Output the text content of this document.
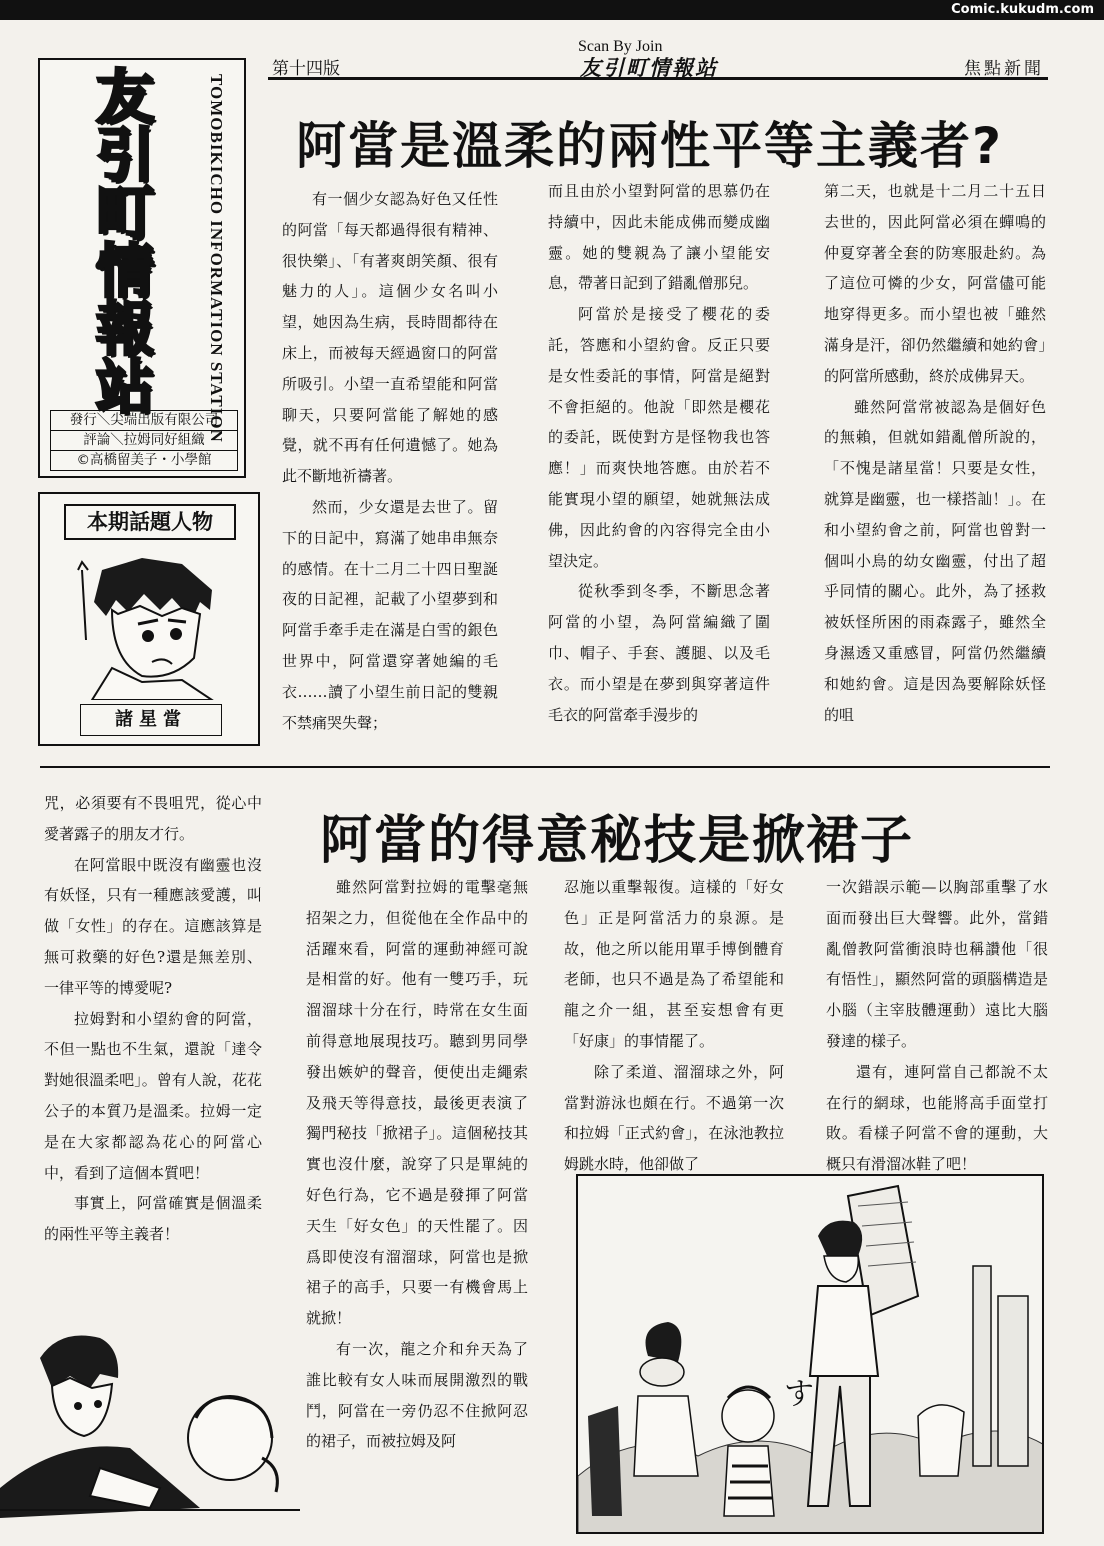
Comic.kukudm.com
Scan By Join
第十四版	友引町情報站	焦點新聞
友
引
町
情
報
站	TOMOBIKICHO INFORMATION STATION
發行＼尖端出版有限公司
評論＼拉姆同好組織
©高橋留美子・小學館
本期話題人物
諸星當
阿當是溫柔的兩性平等主義者?

有一個少女認為好色又任性的阿當「每天都過得很有精神、很快樂」、「有著爽朗笑顏、很有魅力的人」。這個少女名叫小望，她因為生病，長時間都待在床上，而被每天經過窗口的阿當所吸引。小望一直希望能和阿當聊天，只要阿當能了解她的感覺，就不再有任何遺憾了。她為此不斷地祈禱著。

然而，少女還是去世了。留下的日記中，寫滿了她串串無奈的感情。在十二月二十四日聖誕夜的日記裡，記載了小望夢到和阿當手牽手走在滿是白雪的銀色世界中，阿當還穿著她編的毛衣……讀了小望生前日記的雙親不禁痛哭失聲；

而且由於小望對阿當的思慕仍在持續中，因此未能成佛而變成幽靈。她的雙親為了讓小望能安息，帶著日記到了錯亂僧那兒。

阿當於是接受了櫻花的委託，答應和小望約會。反正只要是女性委託的事情，阿當是絕對不會拒絕的。他說「即然是櫻花的委託，既使對方是怪物我也答應！」而爽快地答應。由於若不能實現小望的願望，她就無法成佛，因此約會的內容得完全由小望決定。

從秋季到冬季，不斷思念著阿當的小望，為阿當編織了圍巾、帽子、手套、護腿、以及毛衣。而小望是在夢到與穿著這件毛衣的阿當牽手漫步的

第二天，也就是十二月二十五日去世的，因此阿當必須在蟬鳴的仲夏穿著全套的防寒服赴約。為了這位可憐的少女，阿當儘可能地穿得更多。而小望也被「雖然滿身是汗，卻仍然繼續和她約會」的阿當所感動，終於成佛昇天。

雖然阿當常被認為是個好色的無賴，但就如錯亂僧所說的，「不愧是諸星當！只要是女性，就算是幽靈，也一樣搭訕！」。在和小望約會之前，阿當也曾對一個叫小鳥的幼女幽靈，付出了超乎同情的關心。此外，為了拯救被妖怪所困的雨森露子，雖然全身濕透又重感冒，阿當仍然繼續和她約會。這是因為要解除妖怪的咀

咒，必須要有不畏咀咒，從心中愛著露子的朋友才行。

在阿當眼中既沒有幽靈也沒有妖怪，只有一種應該愛護，叫做「女性」的存在。這應該算是無可救藥的好色?還是無差別、一律平等的博愛呢?

拉姆對和小望約會的阿當，不但一點也不生氣，還說「達令對她很溫柔吧」。曾有人說，花花公子的本質乃是溫柔。拉姆一定是在大家都認為花心的阿當心中，看到了這個本質吧！

事實上，阿當確實是個溫柔的兩性平等主義者！

阿當的得意秘技是掀裙子

雖然阿當對拉姆的電擊毫無招架之力，但從他在全作品中的活躍來看，阿當的運動神經可說是相當的好。他有一雙巧手，玩溜溜球十分在行，時常在女生面前得意地展現技巧。聽到男同學發出嫉妒的聲音，便使出走繩索及飛天等得意技，最後更表演了獨門秘技「掀裙子」。這個秘技其實也沒什麼，說穿了只是單純的好色行為，它不過是發揮了阿當天生「好女色」的天性罷了。因爲即使沒有溜溜球，阿當也是掀裙子的高手，只要一有機會馬上就掀！

有一次，龍之介和弁天為了誰比較有女人味而展開激烈的戰鬥，阿當在一旁仍忍不住掀阿忍的裙子，而被拉姆及阿

忍施以重擊報復。這樣的「好女色」正是阿當活力的泉源。是故，他之所以能用單手博倒體育老師，也只不過是為了希望能和龍之介一組，甚至妄想會有更「好康」的事情罷了。

除了柔道、溜溜球之外，阿當對游泳也頗在行。不過第一次和拉姆「正式約會」，在泳池教拉姆跳水時，他卻做了

一次錯誤示範—以胸部重擊了水面而發出巨大聲響。此外，當錯亂僧教阿當衝浪時也稱讚他「很有悟性」，顯然阿當的頭腦構造是小腦（主宰肢體運動）遠比大腦發達的樣子。

還有，連阿當自己都說不太在行的網球，也能將高手面堂打敗。看樣子阿當不會的運動，大概只有滑溜冰鞋了吧！

す
